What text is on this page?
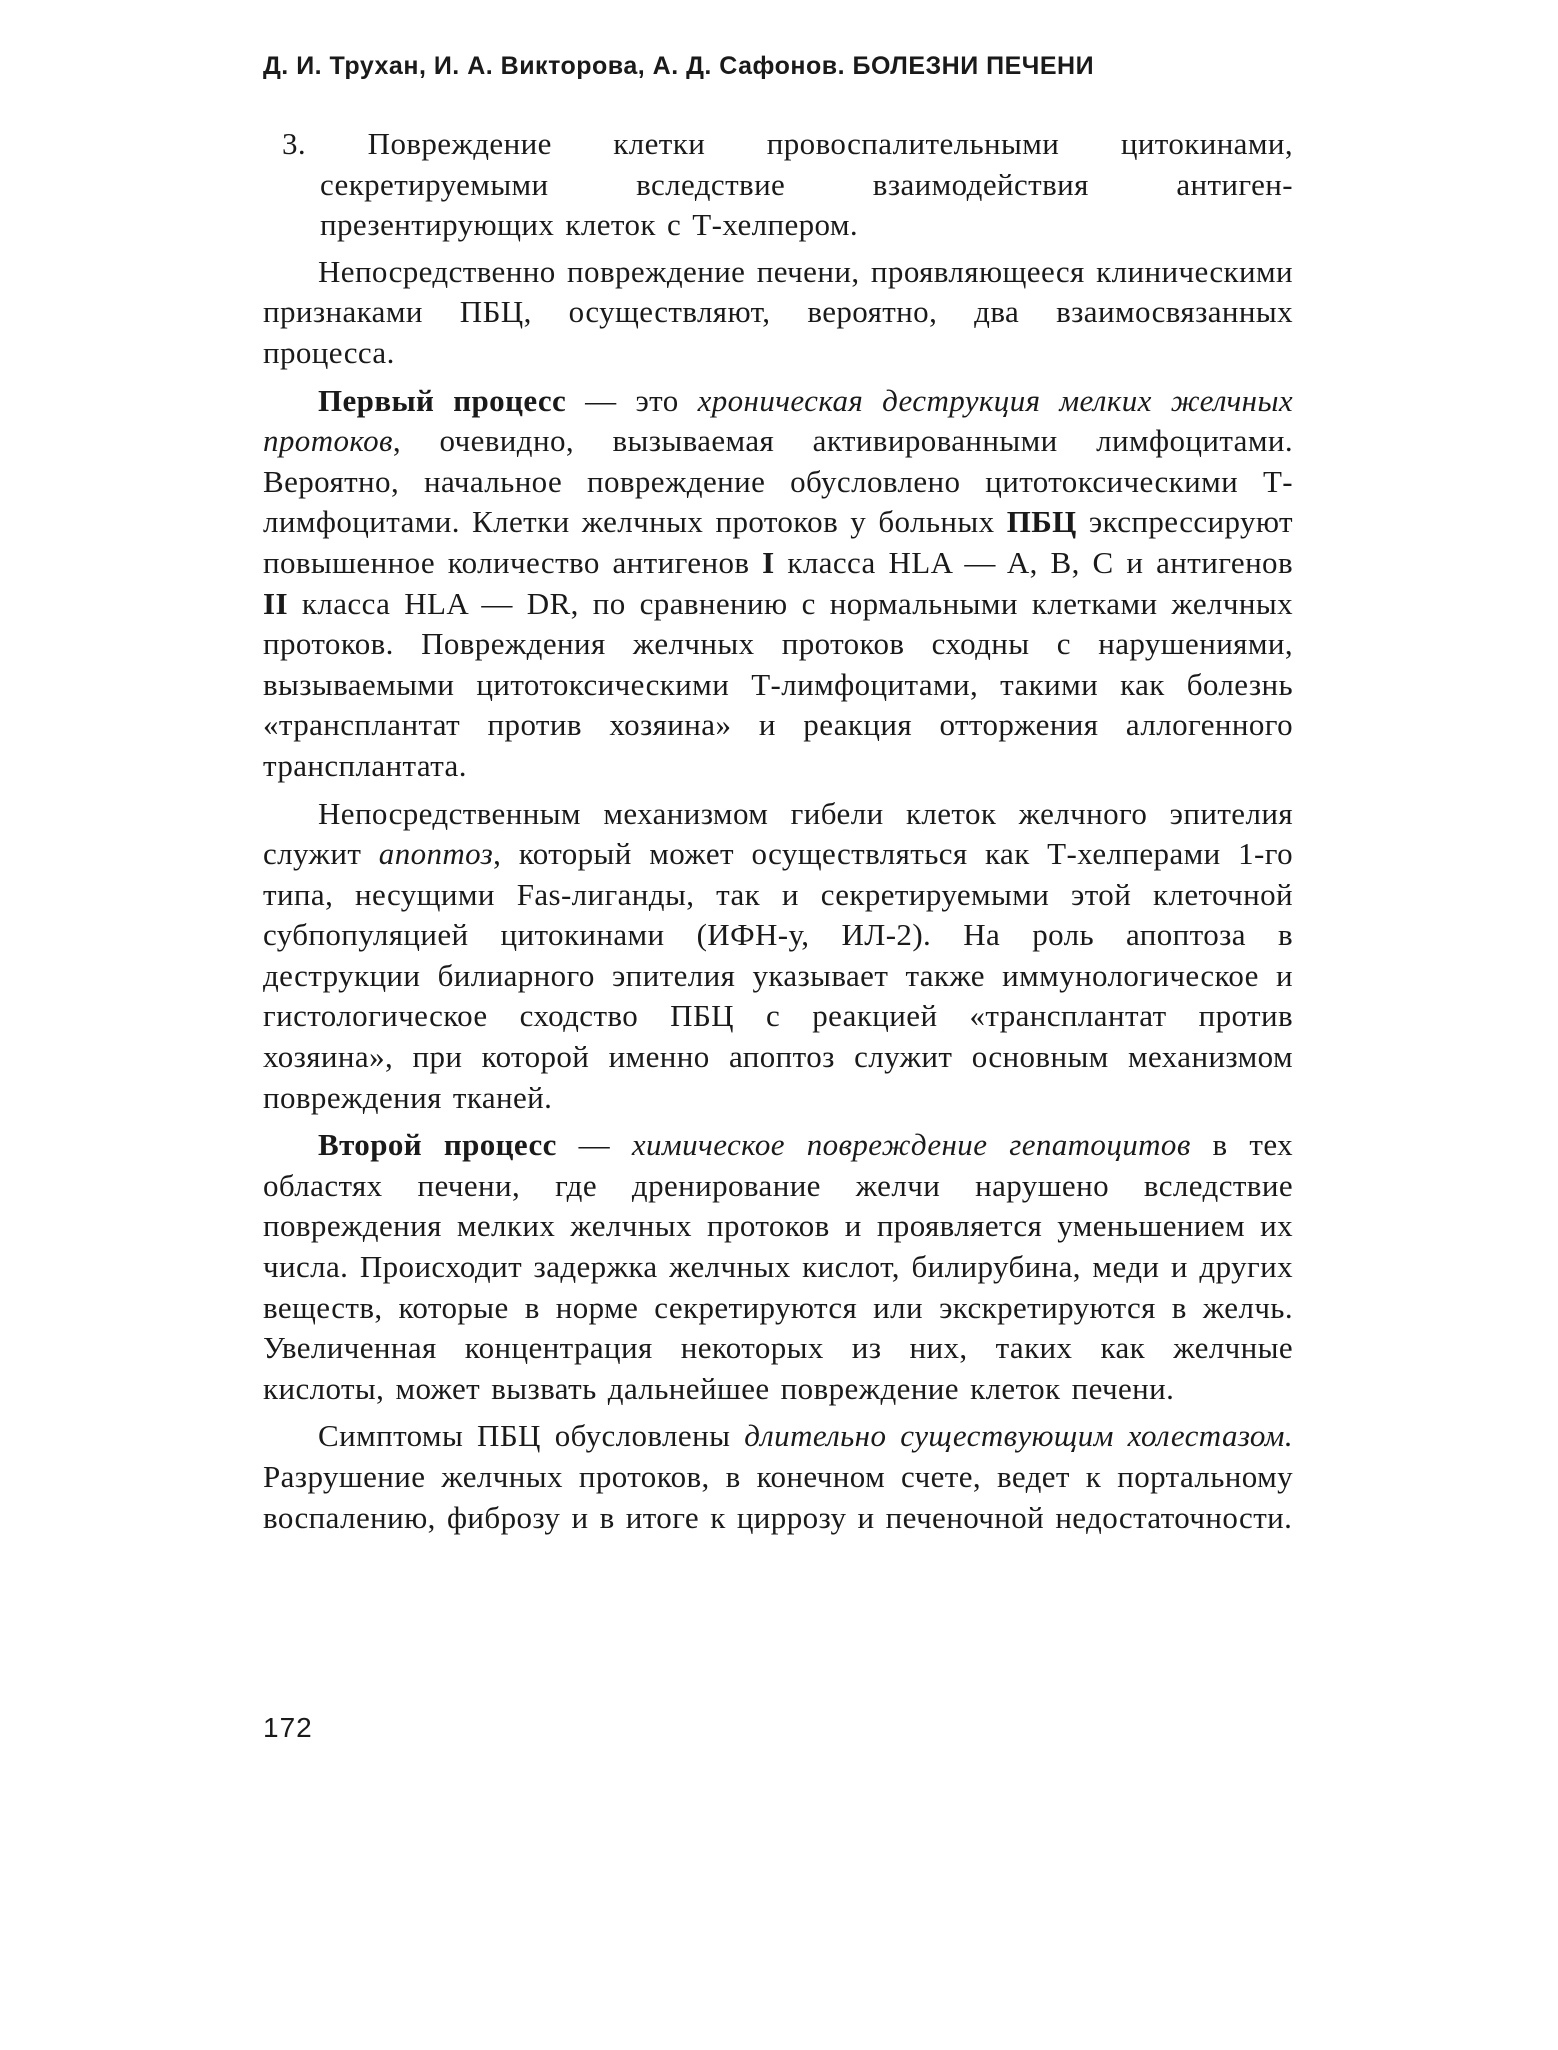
Д. И. Трухан, И. А. Викторова, А. Д. Сафонов. БОЛЕЗНИ ПЕЧЕНИ

3. Повреждение клетки провоспалительными цитокинами, секретируемыми вследствие взаимодействия антиген-презентирующих клеток с Т-хелпером.

Непосредственно повреждение печени, проявляющееся клиническими признаками ПБЦ, осуществляют, вероятно, два взаимосвязанных процесса.

Первый процесс — это хроническая деструкция мелких желчных протоков, очевидно, вызываемая активированными лимфоцитами. Вероятно, начальное повреждение обусловлено цитотоксическими Т-лимфоцитами. Клетки желчных протоков у больных ПБЦ экспрессируют повышенное количество антигенов I класса HLA — A, B, C и антигенов II класса HLA — DR, по сравнению с нормальными клетками желчных протоков. Повреждения желчных протоков сходны с нарушениями, вызываемыми цитотоксическими Т-лимфоцитами, такими как болезнь «трансплантат против хозяина» и реакция отторжения аллогенного трансплантата.

Непосредственным механизмом гибели клеток желчного эпителия служит апоптоз, который может осуществляться как Т-хелперами 1-го типа, несущими Fas-лиганды, так и секретируемыми этой клеточной субпопуляцией цитокинами (ИФН-у, ИЛ-2). На роль апоптоза в деструкции билиарного эпителия указывает также иммунологическое и гистологическое сходство ПБЦ с реакцией «трансплантат против хозяина», при которой именно апоптоз служит основным механизмом повреждения тканей.

Второй процесс — химическое повреждение гепатоцитов в тех областях печени, где дренирование желчи нарушено вследствие повреждения мелких желчных протоков и проявляется уменьшением их числа. Происходит задержка желчных кислот, билирубина, меди и других веществ, которые в норме секретируются или экскретируются в желчь. Увеличенная концентрация некоторых из них, таких как желчные кислоты, может вызвать дальнейшее повреждение клеток печени.

Симптомы ПБЦ обусловлены длительно существующим холестазом. Разрушение желчных протоков, в конечном счете, ведет к портальному воспалению, фиброзу и в итоге к циррозу и печеночной недостаточности.

172
